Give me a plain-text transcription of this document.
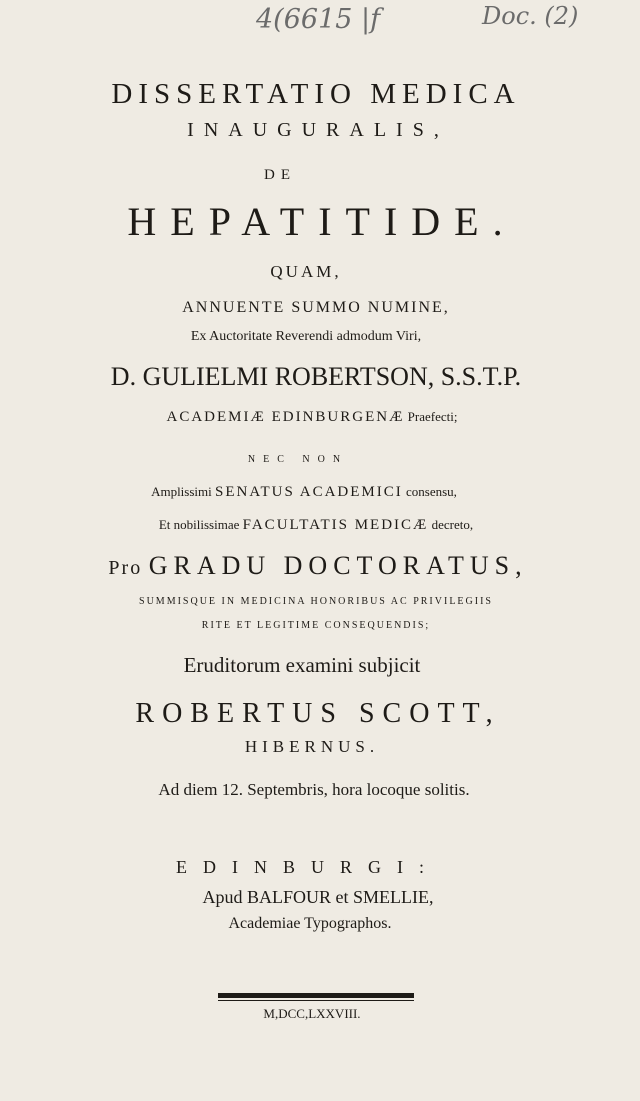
4(6615 |f	Doc. (2)

DISSERTATIO MEDICA

INAUGURALIS,

DE

HEPATITIDE.

QUAM,

ANNUENTE SUMMO NUMINE,

Ex Auctoritate Reverendi admodum Viri,

D. GULIELMI ROBERTSON, S.S.T.P.

ACADEMIÆ EDINBURGENÆ Praefecti;

NEC NON

Amplissimi SENATUS ACADEMICI consensu,

Et nobilissimae FACULTATIS MEDICÆ decreto,

Pro GRADU DOCTORATUS,

SUMMISQUE IN MEDICINA HONORIBUS AC PRIVILEGIIS

RITE ET LEGITIME CONSEQUENDIS;

Eruditorum examini subjicit

ROBERTUS SCOTT,

HIBERNUS.

Ad diem 12. Septembris, hora locoque solitis.

EDINBURGI:

Apud BALFOUR et SMELLIE,

Academiae Typographos.

M,DCC,LXXVIII.
